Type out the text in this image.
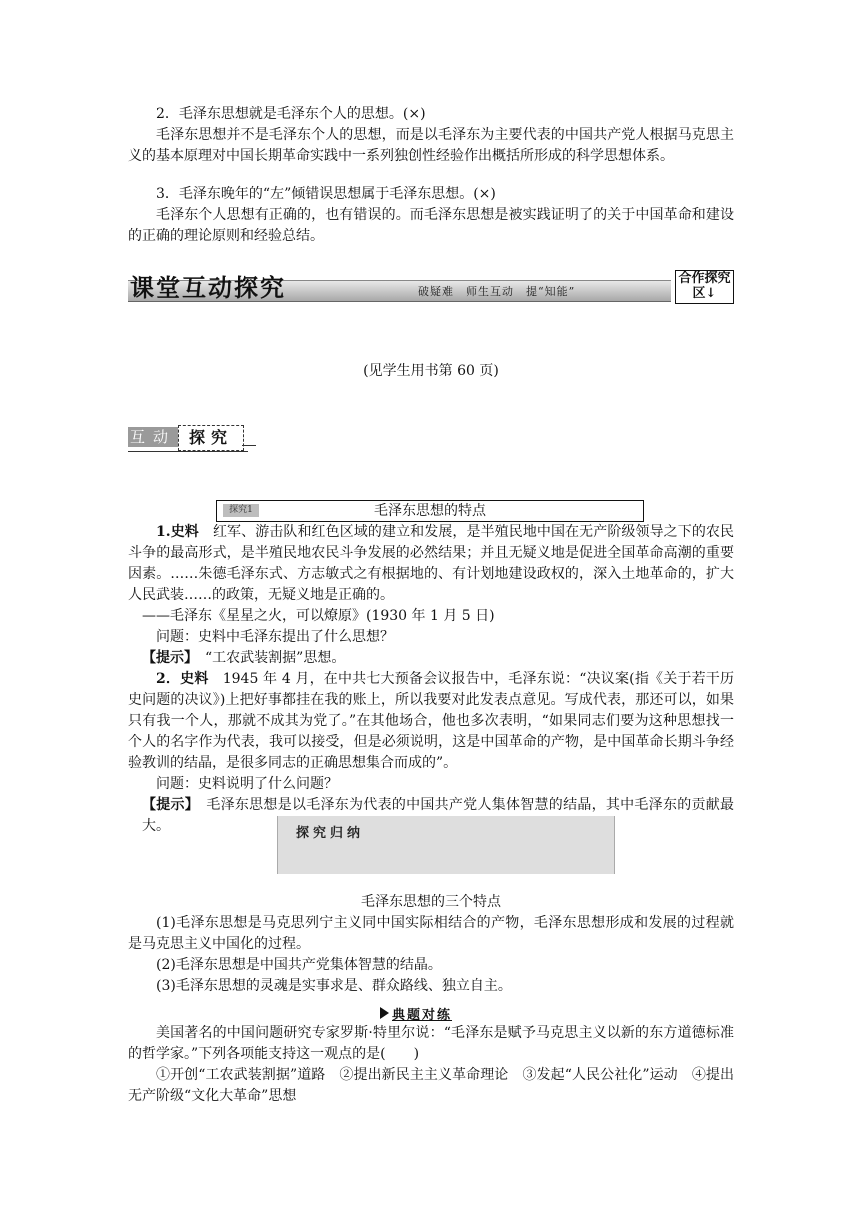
2．毛泽东思想就是毛泽东个人的思想。(×)
毛泽东思想并不是毛泽东个人的思想，而是以毛泽东为主要代表的中国共产党人根据马克思主义的基本原理对中国长期革命实践中一系列独创性经验作出概括所形成的科学思想体系。
3．毛泽东晚年的“左”倾错误思想属于毛泽东思想。(×)
毛泽东个人思想有正确的，也有错误的。而毛泽东思想是被实践证明了的关于中国革命和建设的正确的理论原则和经验总结。
课堂互动探究	破疑难　师生互动　提“知能”
合作探究区↓
(见学生用书第 60 页)
互动 探究
毛泽东思想的特点
探究1
1.史料　 红军、游击队和红色区域的建立和发展，是半殖民地中国在无产阶级领导之下的农民斗争的最高形式，是半殖民地农民斗争发展的必然结果；并且无疑义地是促进全国革命高潮的重要因素。……朱德毛泽东式、方志敏式之有根据地的、有计划地建设政权的，深入土地革命的，扩大人民武装……的政策，无疑义地是正确的。
——毛泽东《星星之火，可以燎原》(1930 年 1 月 5 日)
问题：史料中毛泽东提出了什么思想？
【提示】　 “工农武装割据”思想。
2．史料　 1945 年 4 月，在中共七大预备会议报告中，毛泽东说：“决议案(指《关于若干历史问题的决议》)上把好事都挂在我的账上，所以我要对此发表点意见。写成代表，那还可以，如果只有我一个人，那就不成其为党了。”在其他场合，他也多次表明，“如果同志们要为这种思想找一个人的名字作为代表，我可以接受，但是必须说明，这是中国革命的产物，是中国革命长期斗争经验教训的结晶，是很多同志的正确思想集合而成的”。
问题：史料说明了什么问题？
【提示】　 毛泽东思想是以毛泽东为代表的中国共产党人集体智慧的结晶，其中毛泽东的贡献最大。	探究归纳
毛泽东思想的三个特点
(1)毛泽东思想是马克思列宁主义同中国实际相结合的产物，毛泽东思想形成和发展的过程就是马克思主义中国化的过程。
(2)毛泽东思想是中国共产党集体智慧的结晶。
(3)毛泽东思想的灵魂是实事求是、群众路线、独立自主。
典题对练
美国著名的中国问题研究专家罗斯·特里尔说：“毛泽东是赋予马克思主义以新的东方道德标准的哲学家。”下列各项能支持这一观点的是(　　)
①开创“工农武装割据”道路　②提出新民主主义革命理论　③发起“人民公社化”运动　④提出无产阶级“文化大革命”思想
